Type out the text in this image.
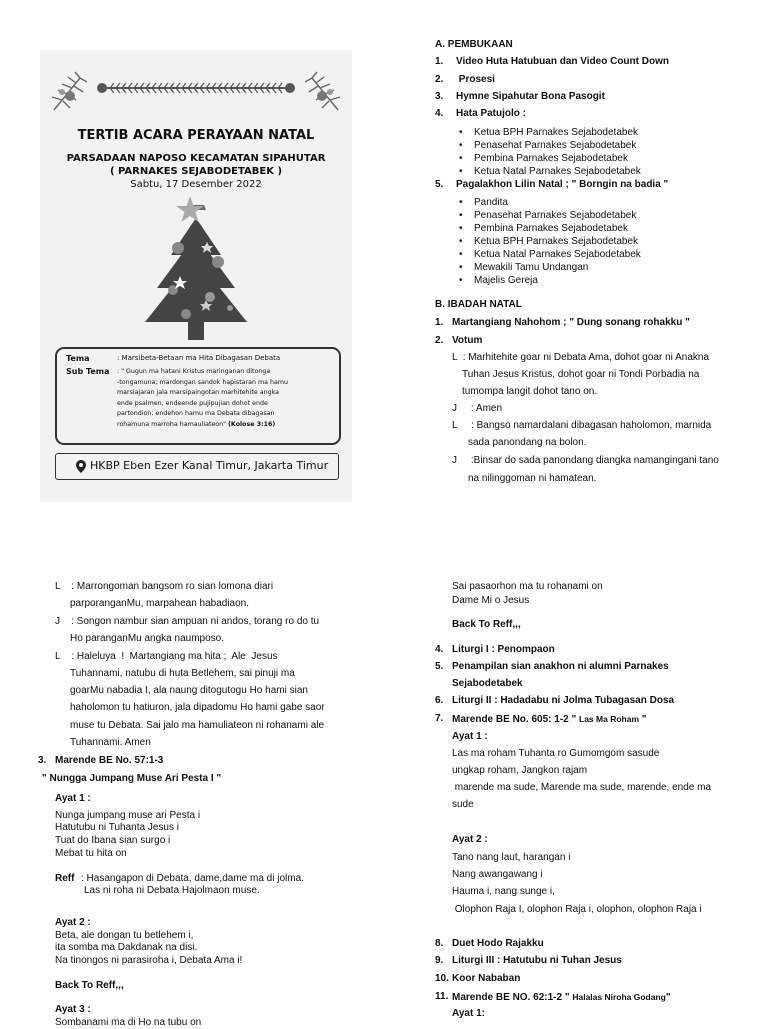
TERTIB ACARA PERAYAAN NATAL
PARSADAAN NAPOSO KECAMATAN SIPAHUTAR
( PARNAKES SEJABODETABEK )
Sabtu, 17 Desember 2022
Tema	: Marsibeta-Betaan ma Hita Dibagasan Debata
Sub Tema : " Gugun ma hatani Kristus maringanan ditonga
-tongamuna; mardongan sandok hapistaran ma hamu
marsiajaran jala marsipaingotan marhitehite angka
ende psalmen, endeende pujipujian dohot ende
partondion; endehon hamu ma Debata dibagasan
rohamuna marroha hamauliateon" (Kolose 3:16)
HKBP Eben Ezer Kanal Timur, Jakarta Timur
A. PEMBUKAAN
1. Video Huta Hatubuan dan Video Count Down
2. Prosesi
3. Hymne Sipahutar Bona Pasogit
4. Hata Patujolo :
• Ketua BPH Parnakes Sejabodetabek
• Penasehat Parnakes Sejabodetabek
• Pembina Parnakes Sejabodetabek
• Ketua Natal Parnakes Sejabodetabek
5. Pagalakhon Lilin Natal ; " Borngin na badia "
• Pandita
• Penasehat Parnakes Sejabodetabek
• Pembina Parnakes Sejabodetabek
• Ketua BPH Parnakes Sejabodetabek
• Ketua Natal Parnakes Sejabodetabek
• Mewakili Tamu Undangan
• Majelis Gereja
B. IBADAH NATAL
1. Martangiang Nahohom ; " Dung sonang rohakku "
2. Votum
L  : Marhitehite goar ni Debata Ama, dohot goar ni Anakna
Tuhan Jesus Kristus, dohot goar ni Tondi Porbadia na
tumompa langit dohot tano on.
J     : Amen
L     : Bangso namardalani dibagasan haholomon, marnida
sada panondang na bolon.
J     :Binsar do sada panondang diangka namangingani tano
na nilinggoman ni hamatean.
L    : Marrongoman bangsom ro sian lomona diari
parporanganMu, marpahean habadiaon.
J    : Songon nambur sian ampuan ni andos, torang ro do tu
Ho paranganMu angka naumposo.
L    : Haleluya  !  Martangiang ma hita ;  Ale  Jesus
Tuhannami, natubu di huta Betlehem, sai pinuji ma
goarMu nabadia I, ala naung ditogutogu Ho hami sian
haholomon tu hatiuron, jala dipadomu Ho hami gabe saor
muse tu Debata. Sai jalo ma hamuliateon ni rohanami ale
Tuhannami. Amen
3. Marende BE No. 57:1-3
" Nungga Jumpang Muse Ari Pesta I "
Ayat 1 :
Nunga jumpang muse ari Pesta i
Hatutubu ni Tuhanta Jesus i
Tuat do Ibana sian surgo i
Mebat tu hita on
Reff : Hasangapon di Debata, dame,dame ma di jolma.
Las ni roha ni Debata Hajolmaon muse.
Ayat 2 :
Beta, ale dongan tu betlehem i,
ita somba ma Dakdanak na disi.
Na tinongos ni parasiroha i, Debata Ama i!
Back To Reff,,,
Ayat 3 :
Sombanami ma di Ho na tubu on
Sai pasaorhon ma tu rohanami on
Dame Mi o Jesus
Back To Reff,,,
4. Liturgi I : Penompaon
5. Penampilan sian anakhon ni alumni Parnakes
Sejabodetabek
6. Liturgi II : Hadadabu ni Jolma Tubagasan Dosa
7. Marende BE No. 605: 1-2 " Las Ma Roham "
Ayat 1 :
Las ma roham Tuhanta ro Gumomgom sasude
ungkap roham, Jangkon rajam
marende ma sude, Marende ma sude, marende, ende ma
sude
Ayat 2 :
Tano nang laut, harangan i
Nang awangawang i
Hauma i, nang sunge i,
Olophon Raja I, olophon Raja i, olophon, olophon Raja i
8. Duet Hodo Rajakku
9. Liturgi III : Hatutubu ni Tuhan Jesus
10. Koor Nababan
11. Marende BE NO. 62:1-2 " Halalas Niroha Godang"
Ayat 1:
